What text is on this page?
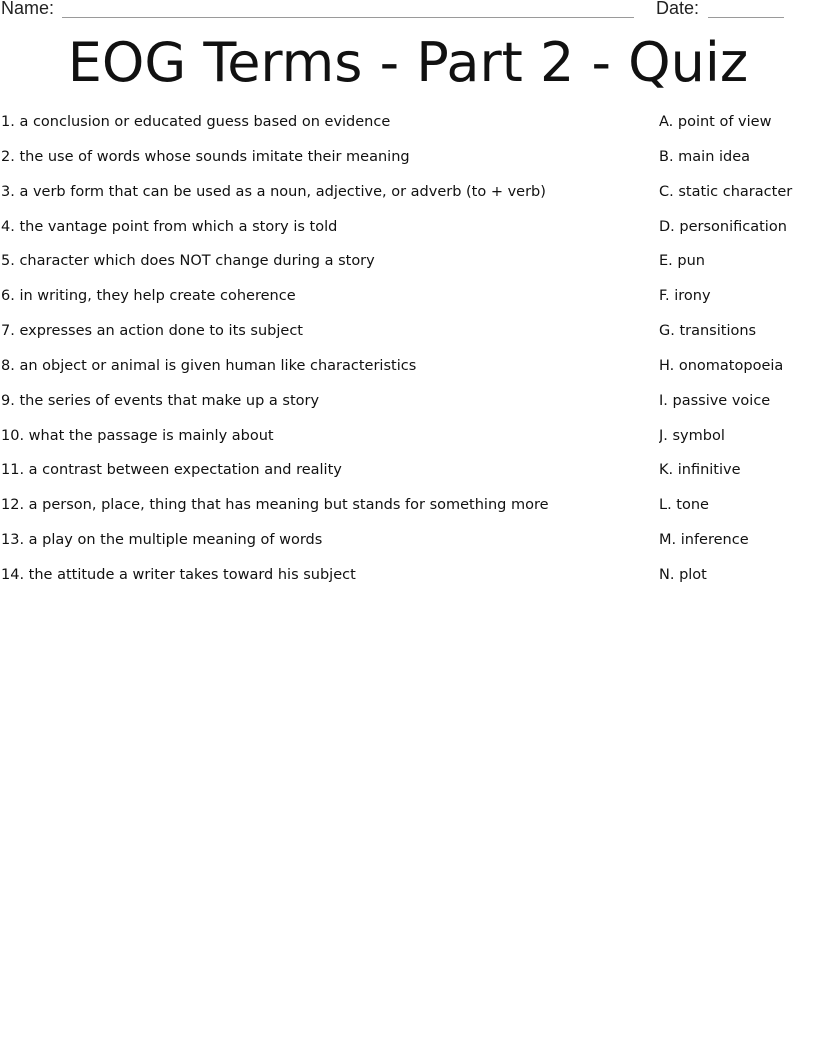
Name:	Date:
EOG Terms - Part 2 - Quiz
1. a conclusion or educated guess based on evidence	A. point of view
2. the use of words whose sounds imitate their meaning	B. main idea
3. a verb form that can be used as a noun, adjective, or adverb (to + verb)	C. static character
4. the vantage point from which a story is told	D. personification
5. character which does NOT change during a story	E. pun
6. in writing, they help create coherence	F. irony
7. expresses an action done to its subject	G. transitions
8. an object or animal is given human like characteristics	H. onomatopoeia
9. the series of events that make up a story	I. passive voice
10. what the passage is mainly about	J. symbol
11. a contrast between expectation and reality	K. infinitive
12. a person, place, thing that has meaning but stands for something more	L. tone
13. a play on the multiple meaning of words	M. inference
14. the attitude a writer takes toward his subject	N. plot
